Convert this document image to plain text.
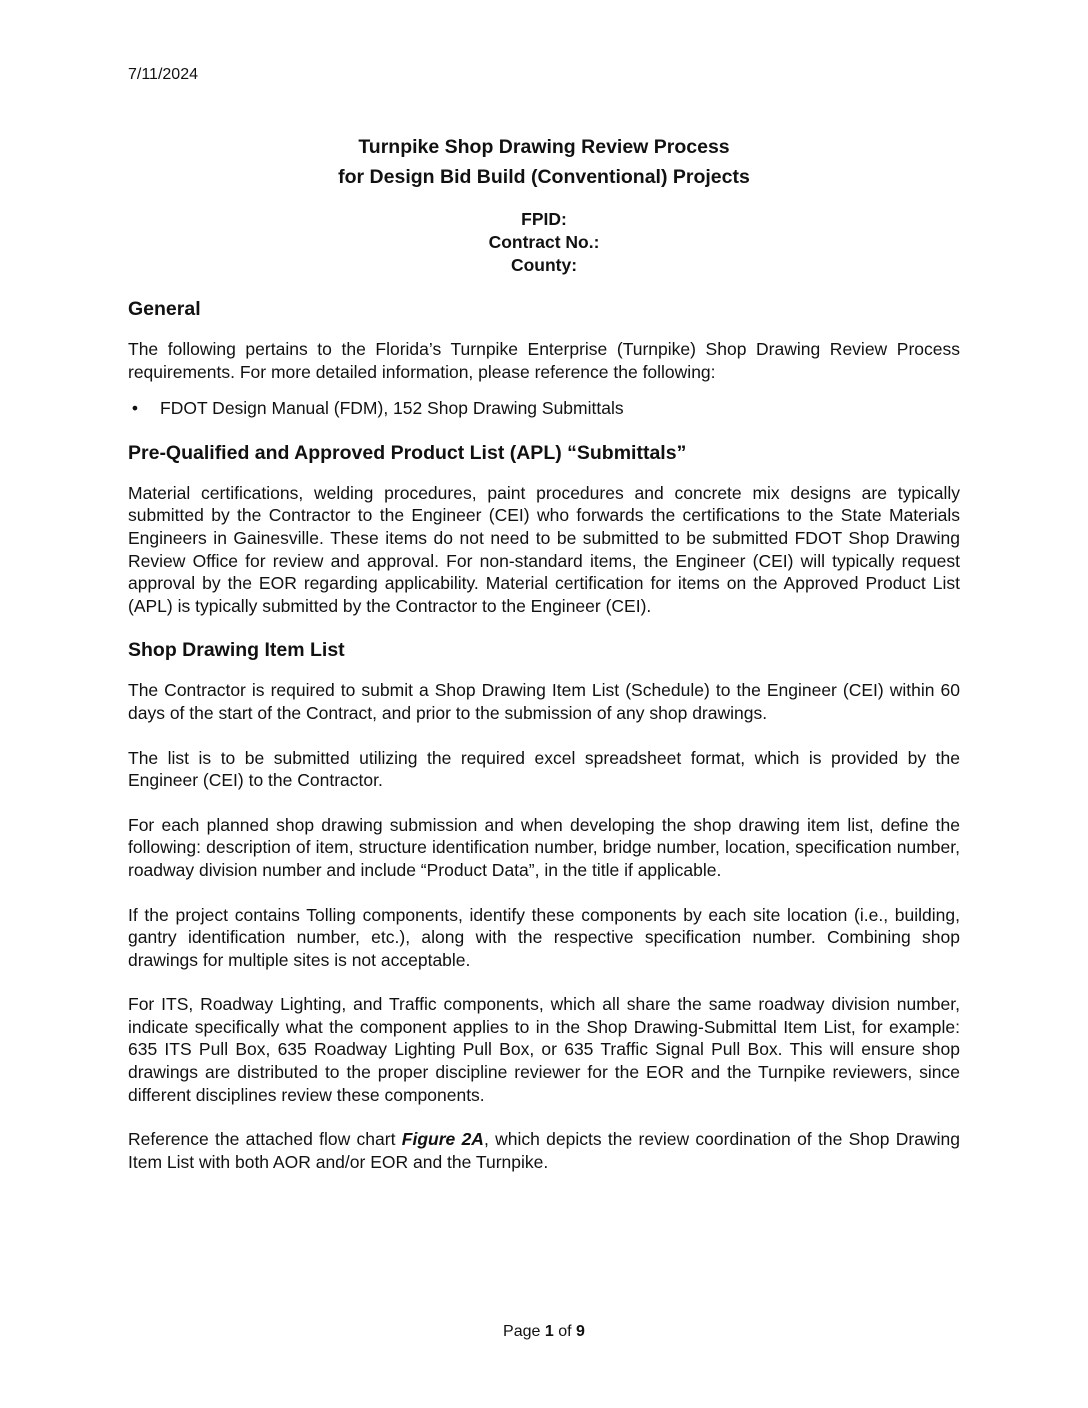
7/11/2024
Turnpike Shop Drawing Review Process
for Design Bid Build (Conventional) Projects
FPID:
Contract No.:
County:
General

The following pertains to the Florida’s Turnpike Enterprise (Turnpike) Shop Drawing Review Process requirements. For more detailed information, please reference the following:

• FDOT Design Manual (FDM), 152 Shop Drawing Submittals
Pre-Qualified and Approved Product List (APL) “Submittals”

Material certifications, welding procedures, paint procedures and concrete mix designs are typically submitted by the Contractor to the Engineer (CEI) who forwards the certifications to the State Materials Engineers in Gainesville. These items do not need to be submitted to be submitted FDOT Shop Drawing Review Office for review and approval. For non-standard items, the Engineer (CEI) will typically request approval by the EOR regarding applicability. Material certification for items on the Approved Product List (APL) is typically submitted by the Contractor to the Engineer (CEI).

Shop Drawing Item List

The Contractor is required to submit a Shop Drawing Item List (Schedule) to the Engineer (CEI) within 60 days of the start of the Contract, and prior to the submission of any shop drawings.

The list is to be submitted utilizing the required excel spreadsheet format, which is provided by the Engineer (CEI) to the Contractor.

For each planned shop drawing submission and when developing the shop drawing item list, define the following: description of item, structure identification number, bridge number, location, specification number, roadway division number and include “Product Data”, in the title if applicable.

If the project contains Tolling components, identify these components by each site location (i.e., building, gantry identification number, etc.), along with the respective specification number. Combining shop drawings for multiple sites is not acceptable.

For ITS, Roadway Lighting, and Traffic components, which all share the same roadway division number, indicate specifically what the component applies to in the Shop Drawing-Submittal Item List, for example: 635 ITS Pull Box, 635 Roadway Lighting Pull Box, or 635 Traffic Signal Pull Box. This will ensure shop drawings are distributed to the proper discipline reviewer for the EOR and the Turnpike reviewers, since different disciplines review these components.

Reference the attached flow chart Figure 2A, which depicts the review coordination of the Shop Drawing Item List with both AOR and/or EOR and the Turnpike.

Page 1 of 9
